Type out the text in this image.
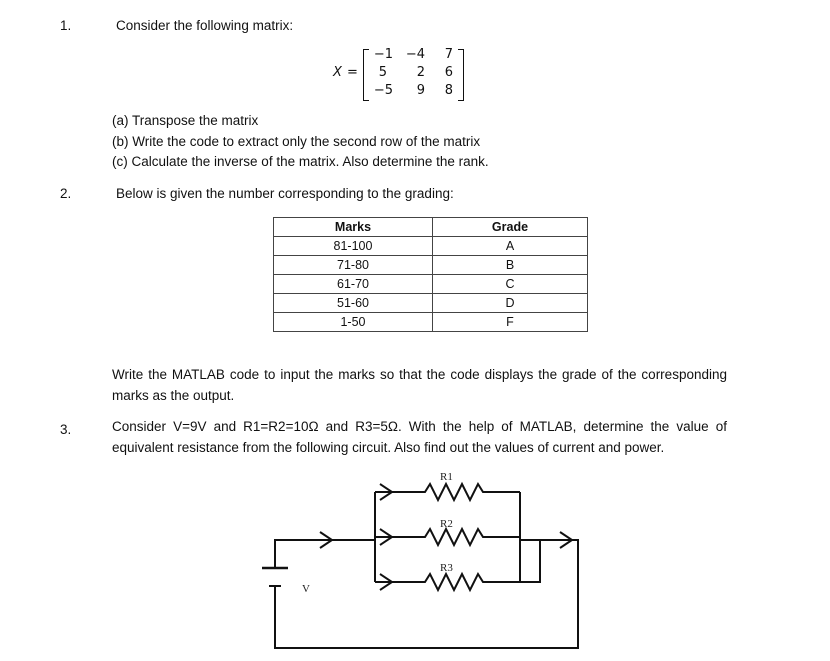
1.	Consider the following matrix:
X =
−1 −4	7
5	2	6
−5	9	8
(a) Transpose the matrix
(b) Write the code to extract only the second row of the matrix
(c) Calculate the inverse of the matrix. Also determine the rank.
2.	Below is given the number corresponding to the grading:
Marks	Grade
81-100	A
71-80	B
61-70	C
51-60	D
1-50	F
Write the MATLAB code to input the marks so that the code displays the grade of the corresponding marks as the output.
3.	Consider V=9V and R1=R2=10Ω and R3=5Ω. With the help of MATLAB, determine the value of equivalent resistance from the following circuit. Also find out the values of current and power.
R1
R2
R3
V
